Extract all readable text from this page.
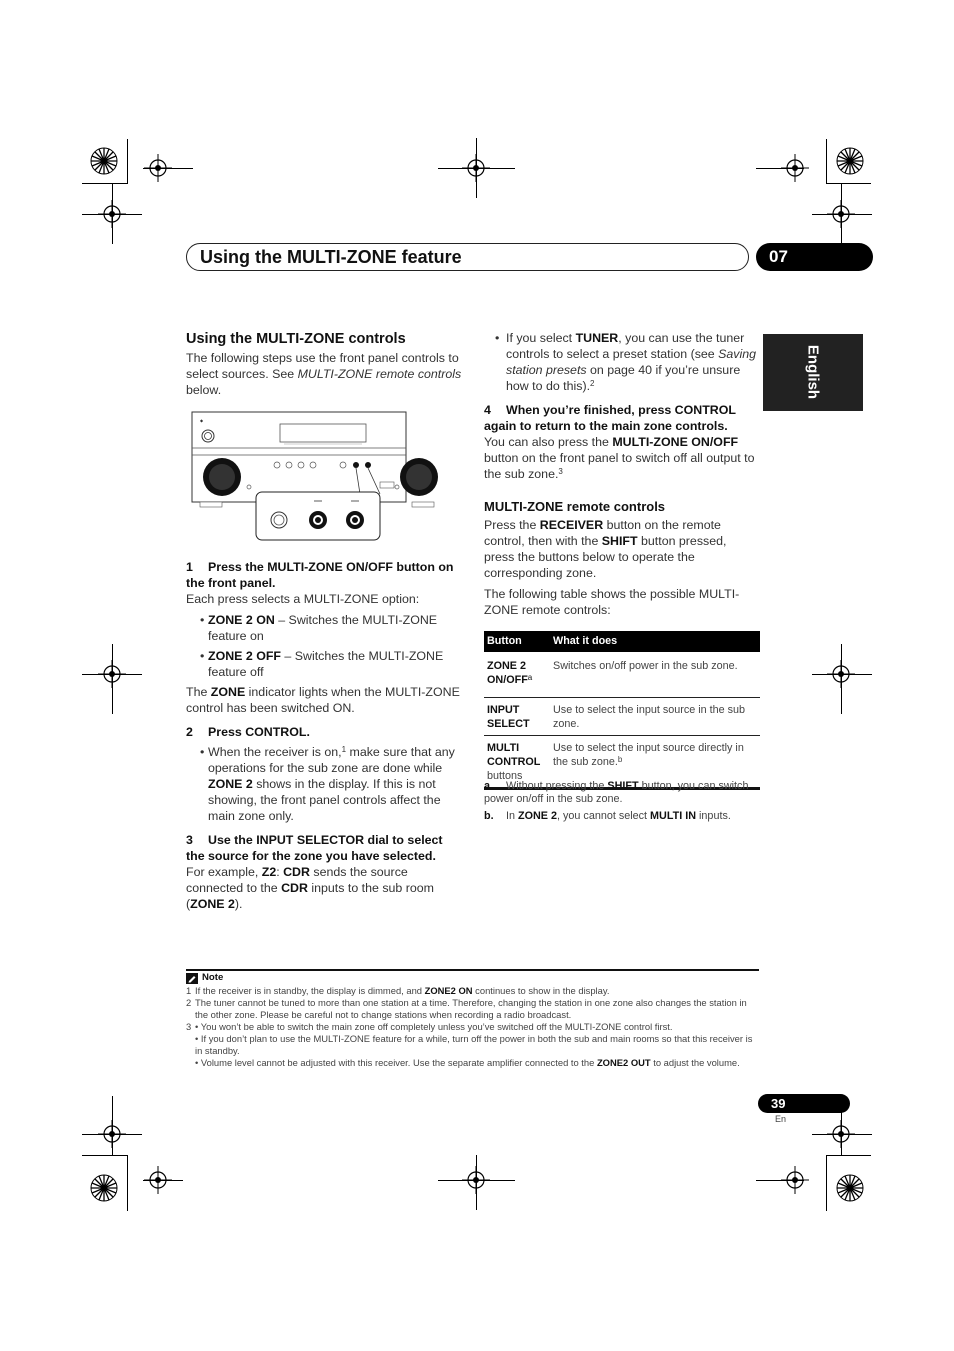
Using the MULTI-ZONE feature	07
English
Using the MULTI-ZONE controls

The following steps use the front panel controls to select sources. See MULTI-ZONE remote controls below.

◆
1 Press the MULTI-ZONE ON/OFF button on the front panel.

Each press selects a MULTI-ZONE option:

• ZONE 2 ON – Switches the MULTI-ZONE feature on

• ZONE 2 OFF – Switches the MULTI-ZONE feature off

The ZONE indicator lights when the MULTI-ZONE control has been switched ON.

2 Press CONTROL.

• When the receiver is on,$^1$ make sure that any operations for the sub zone are done while ZONE 2 shows in the display. If this is not showing, the front panel controls affect the main zone only.

3 Use the INPUT SELECTOR dial to select the source for the zone you have selected.

For example, Z2: CDR sends the source connected to the CDR inputs to the sub room (ZONE 2).

• If you select TUNER, you can use the tuner controls to select a preset station (see Saving station presets on page 40 if you’re unsure how to do this).$^2$

4 When you’re finished, press CONTROL again to return to the main zone controls.

You can also press the MULTI-ZONE ON/OFF button on the front panel to switch off all output to the sub zone.$^3$

MULTI-ZONE remote controls

Press the RECEIVER button on the remote control, then with the SHIFT button pressed, press the buttons below to operate the corresponding zone.

The following table shows the possible MULTI-ZONE remote controls:

Button	What it does
ZONE 2
ON/OFF$^a$	Switches on/off power in the sub zone.
INPUT
SELECT	Use to select the input source in the sub zone.
MULTI
CONTROL
buttons	Use to select the input source directly in the sub zone.$^b$

a. Without pressing the SHIFT button, you can switch power on/off in the sub zone.

b. In ZONE 2, you cannot select MULTI IN inputs.

Note

1 If the receiver is in standby, the display is dimmed, and ZONE2 ON continues to show in the display.

2 The tuner cannot be tuned to more than one station at a time. Therefore, changing the station in one zone also changes the station in the other zone. Please be careful not to change stations when recording a radio broadcast.

3 • You won’t be able to switch the main zone off completely unless you’ve switched off the MULTI-ZONE control first.

• If you don’t plan to use the MULTI-ZONE feature for a while, turn off the power in both the sub and main rooms so that this receiver is in standby.

• Volume level cannot be adjusted with this receiver. Use the separate amplifier connected to the ZONE2 OUT to adjust the volume.

39
En
